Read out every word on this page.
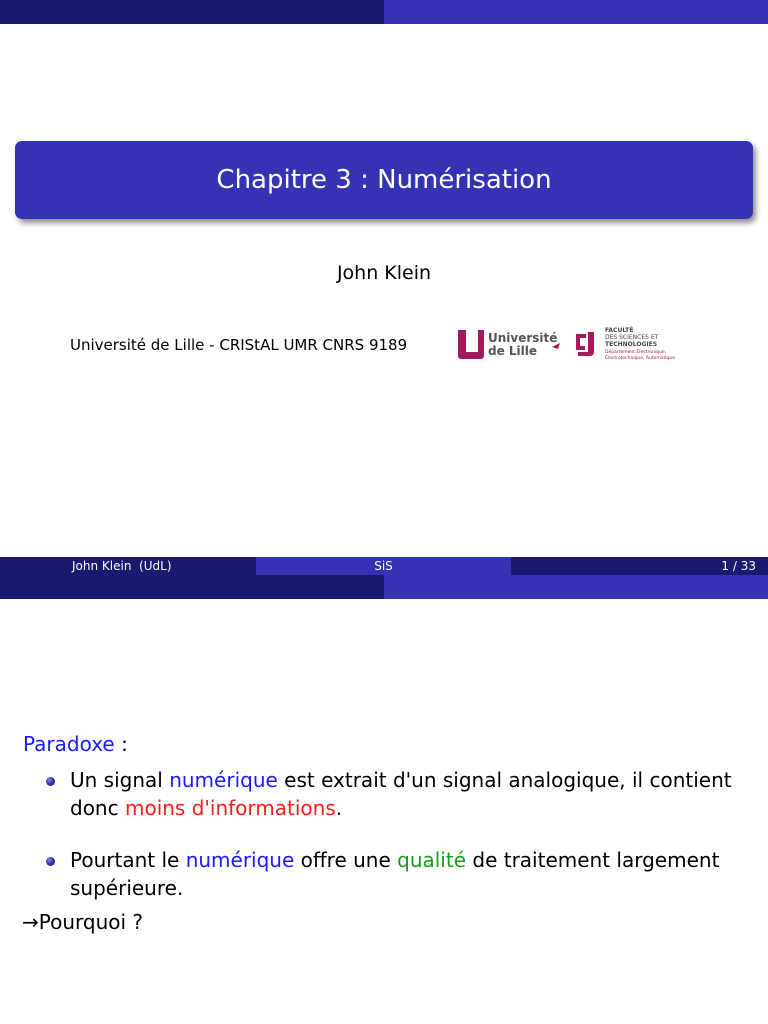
Chapitre 3 : Numérisation
John Klein
Université de Lille - CRIStAL UMR CNRS 9189	Université
de Lille
FACULTÉ
DES SCIENCES ET
TECHNOLOGIES
Département Électronique,
Électrotechnique, Automatique
John Klein  (UdL)	SiS	1 / 33
Paradoxe :
Un signal numérique est extrait d'un signal analogique, il contient
donc moins d'informations.
Pourtant le numérique offre une qualité de traitement largement
supérieure.
→Pourquoi ?
